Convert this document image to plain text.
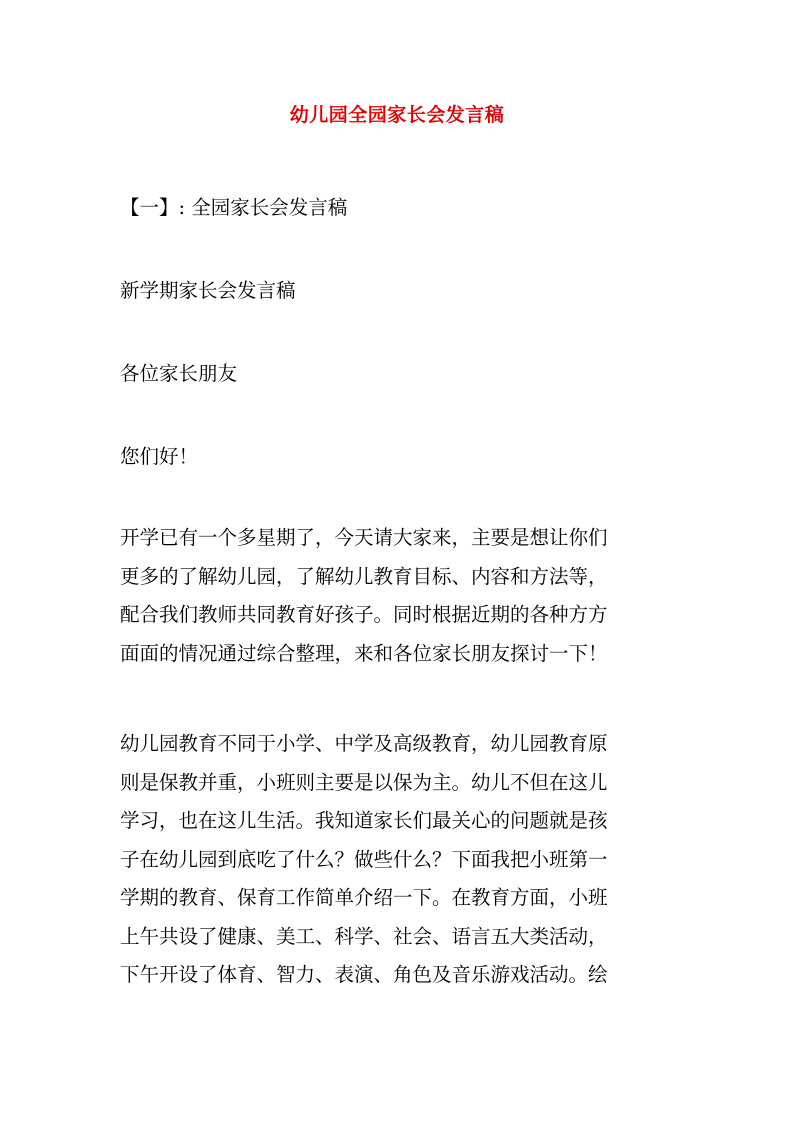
幼儿园全园家长会发言稿
【一】: 全园家长会发言稿
新学期家长会发言稿
各位家长朋友
您们好！
开学已有一个多星期了，今天请大家来，主要是想让你们
更多的了解幼儿园，了解幼儿教育目标、内容和方法等，
配合我们教师共同教育好孩子。同时根据近期的各种方方
面面的情况通过综合整理，来和各位家长朋友探讨一下！
幼儿园教育不同于小学、中学及高级教育，幼儿园教育原
则是保教并重，小班则主要是以保为主。幼儿不但在这儿
学习，也在这儿生活。我知道家长们最关心的问题就是孩
子在幼儿园到底吃了什么？做些什么？下面我把小班第一
学期的教育、保育工作简单介绍一下。在教育方面，小班
上午共设了健康、美工、科学、社会、语言五大类活动，
下午开设了体育、智力、表演、角色及音乐游戏活动。绘
